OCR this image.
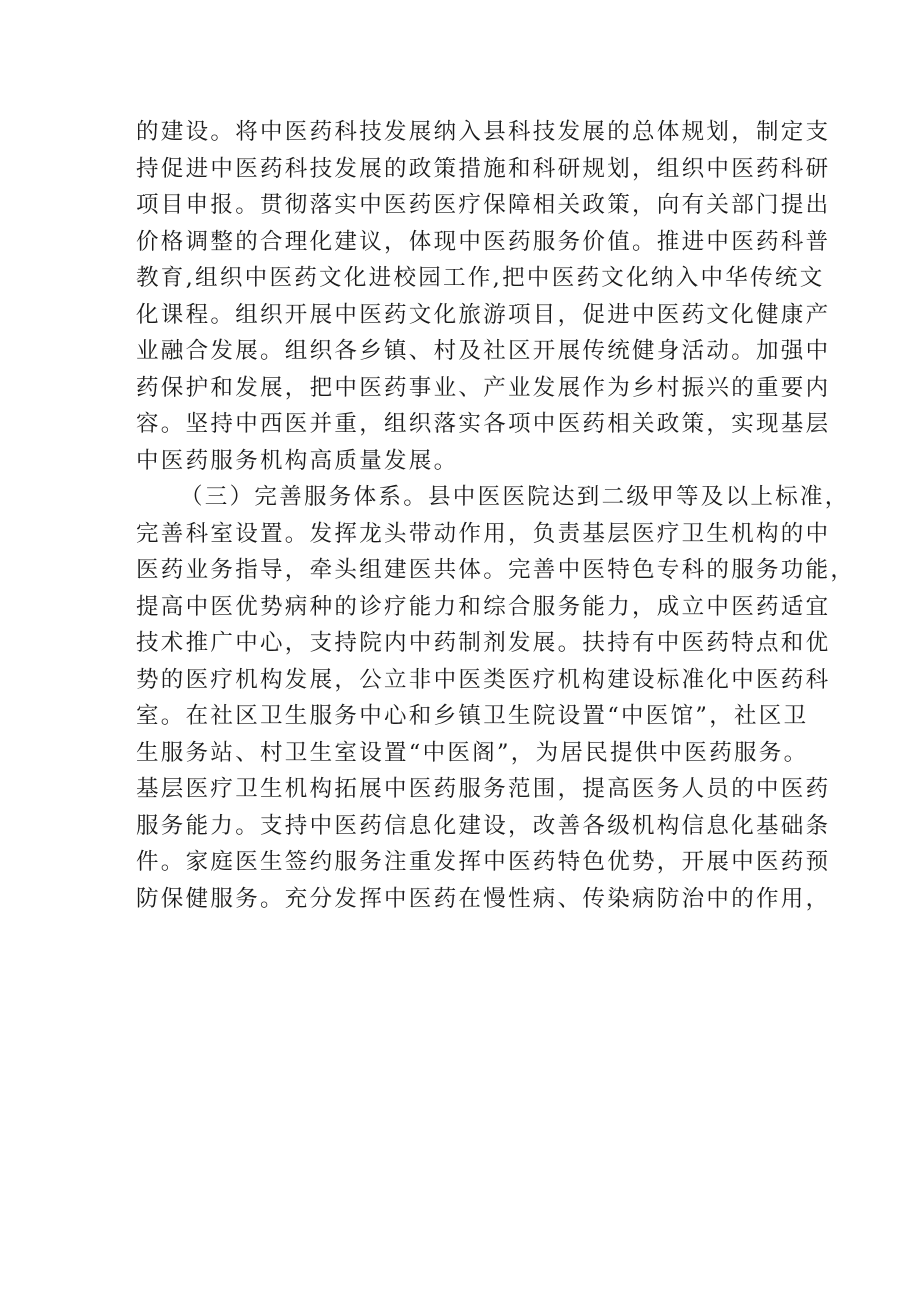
的建设。将中医药科技发展纳入县科技发展的总体规划，制定支
持促进中医药科技发展的政策措施和科研规划，组织中医药科研
项目申报。贯彻落实中医药医疗保障相关政策，向有关部门提出
价格调整的合理化建议，体现中医药服务价值。推进中医药科普
教育,组织中医药文化进校园工作,把中医药文化纳入中华传统文
化课程。组织开展中医药文化旅游项目，促进中医药文化健康产
业融合发展。组织各乡镇、村及社区开展传统健身活动。加强中
药保护和发展，把中医药事业、产业发展作为乡村振兴的重要内
容。坚持中西医并重，组织落实各项中医药相关政策，实现基层
中医药服务机构高质量发展。
（三）完善服务体系。县中医医院达到二级甲等及以上标准，
完善科室设置。发挥龙头带动作用，负责基层医疗卫生机构的中
医药业务指导，牵头组建医共体。完善中医特色专科的服务功能，
提高中医优势病种的诊疗能力和综合服务能力，成立中医药适宜
技术推广中心，支持院内中药制剂发展。扶持有中医药特点和优
势的医疗机构发展，公立非中医类医疗机构建设标准化中医药科
室。在社区卫生服务中心和乡镇卫生院设置“中医馆”，社区卫
生服务站、村卫生室设置“中医阁”，为居民提供中医药服务。
基层医疗卫生机构拓展中医药服务范围，提高医务人员的中医药
服务能力。支持中医药信息化建设，改善各级机构信息化基础条
件。家庭医生签约服务注重发挥中医药特色优势，开展中医药预
防保健服务。充分发挥中医药在慢性病、传染病防治中的作用，
